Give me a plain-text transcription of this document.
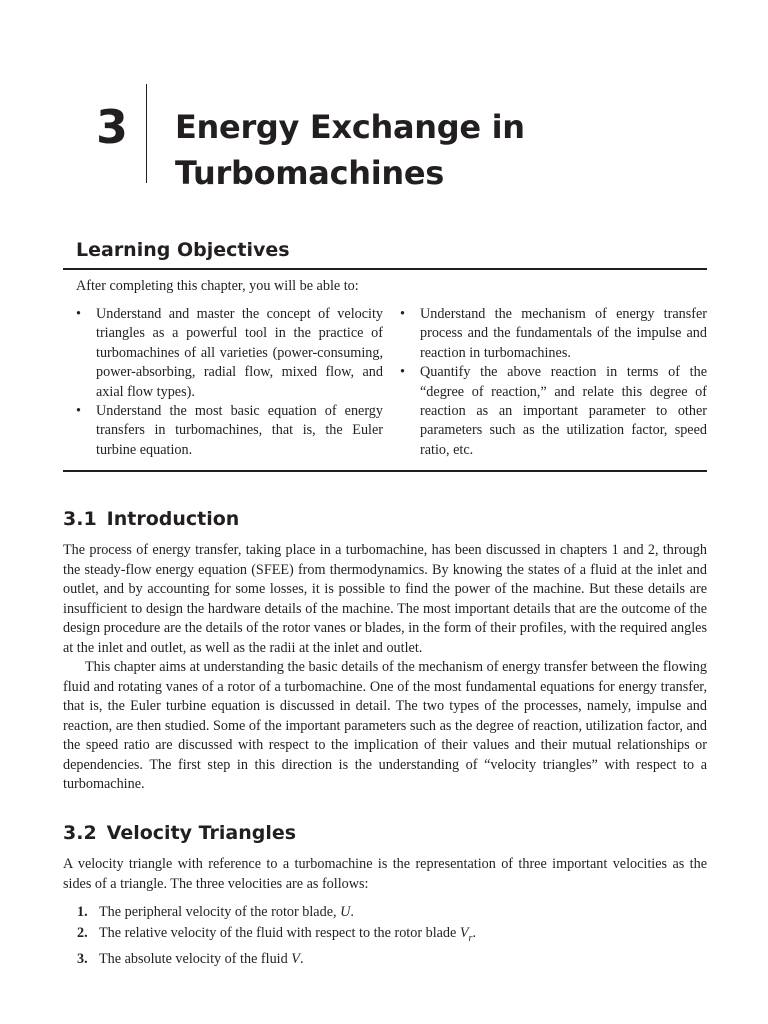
3 Energy Exchange in
Turbomachines
Learning Objectives
After completing this chapter, you will be able to:
•	Understand and master the concept of velocity triangles as a powerful tool in the practice of turbomachines of all varieties (power-consuming, power-absorbing, radial flow, mixed flow, and axial flow types).
•	Understand the most basic equation of energy transfers in turbomachines, that is, the Euler turbine equation.
•	Understand the mechanism of energy transfer process and the fundamentals of the impulse and reaction in turbomachines.
•	Quantify the above reaction in terms of the “degree of reaction,” and relate this degree of reaction as an important parameter to other parameters such as the utilization factor, speed ratio, etc.
3.1 Introduction

The process of energy transfer, taking place in a turbomachine, has been discussed in chapters 1 and 2, through the steady-flow energy equation (SFEE) from thermodynamics. By knowing the states of a fluid at the inlet and outlet, and by accounting for some losses, it is possible to find the power of the machine. But these details are insufficient to design the hardware details of the machine. The most important details that are the outcome of the design procedure are the details of the rotor vanes or blades, in the form of their profiles, with the required angles at the inlet and outlet, as well as the radii at the inlet and outlet.

This chapter aims at understanding the basic details of the mechanism of energy transfer between the flowing fluid and rotating vanes of a rotor of a turbomachine. One of the most fundamental equations for energy transfer, that is, the Euler turbine equation is discussed in detail. The two types of the processes, namely, impulse and reaction, are then studied. Some of the important parameters such as the degree of reaction, utilization factor, and the speed ratio are discussed with respect to the implication of their values and their mutual relationships or dependencies. The first step in this direction is the understanding of “velocity triangles” with respect to a turbomachine.

3.2 Velocity Triangles

A velocity triangle with reference to a turbomachine is the representation of three important velocities as the sides of a triangle. The three velocities are as follows:

1. The peripheral velocity of the rotor blade, U.
2. The relative velocity of the fluid with respect to the rotor blade $V_r$.
3. The absolute velocity of the fluid V.
